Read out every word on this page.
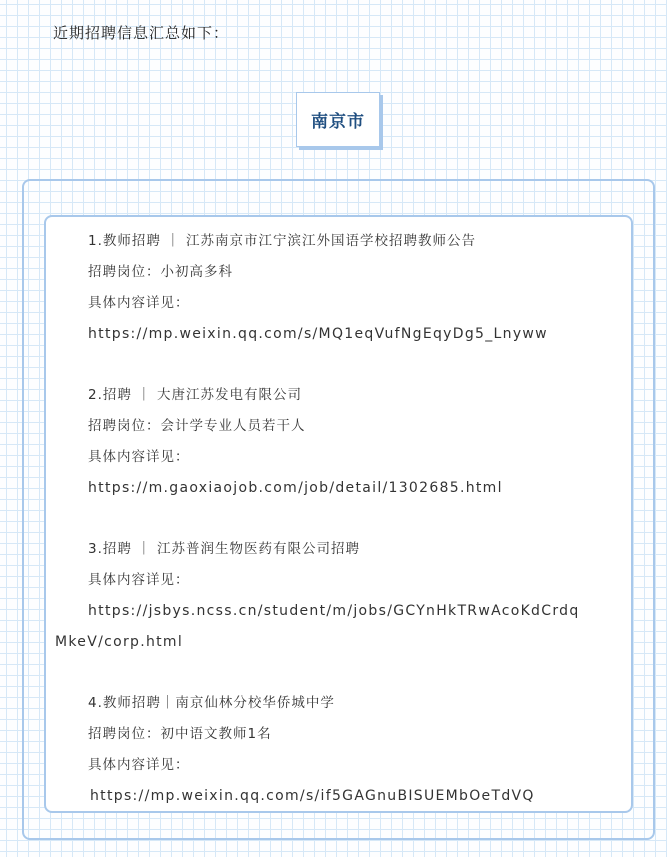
近期招聘信息汇总如下：
南京市
1.教师招聘 ｜ 江苏南京市江宁滨江外国语学校招聘教师公告
招聘岗位：小初高多科
具体内容详见：
https://mp.weixin.qq.com/s/MQ1eqVufNgEqyDg5_Lnyww
2.招聘 ｜ 大唐江苏发电有限公司
招聘岗位：会计学专业人员若干人
具体内容详见：
https://m.gaoxiaojob.com/job/detail/1302685.html
3.招聘 ｜ 江苏普润生物医药有限公司招聘
具体内容详见：
https://jsbys.ncss.cn/student/m/jobs/GCYnHkTRwAcoKdCrdq
MkeV/corp.html
4.教师招聘｜南京仙林分校华侨城中学
招聘岗位：初中语文教师1名
具体内容详见：
https://mp.weixin.qq.com/s/if5GAGnuBISUEMbOeTdVQ
